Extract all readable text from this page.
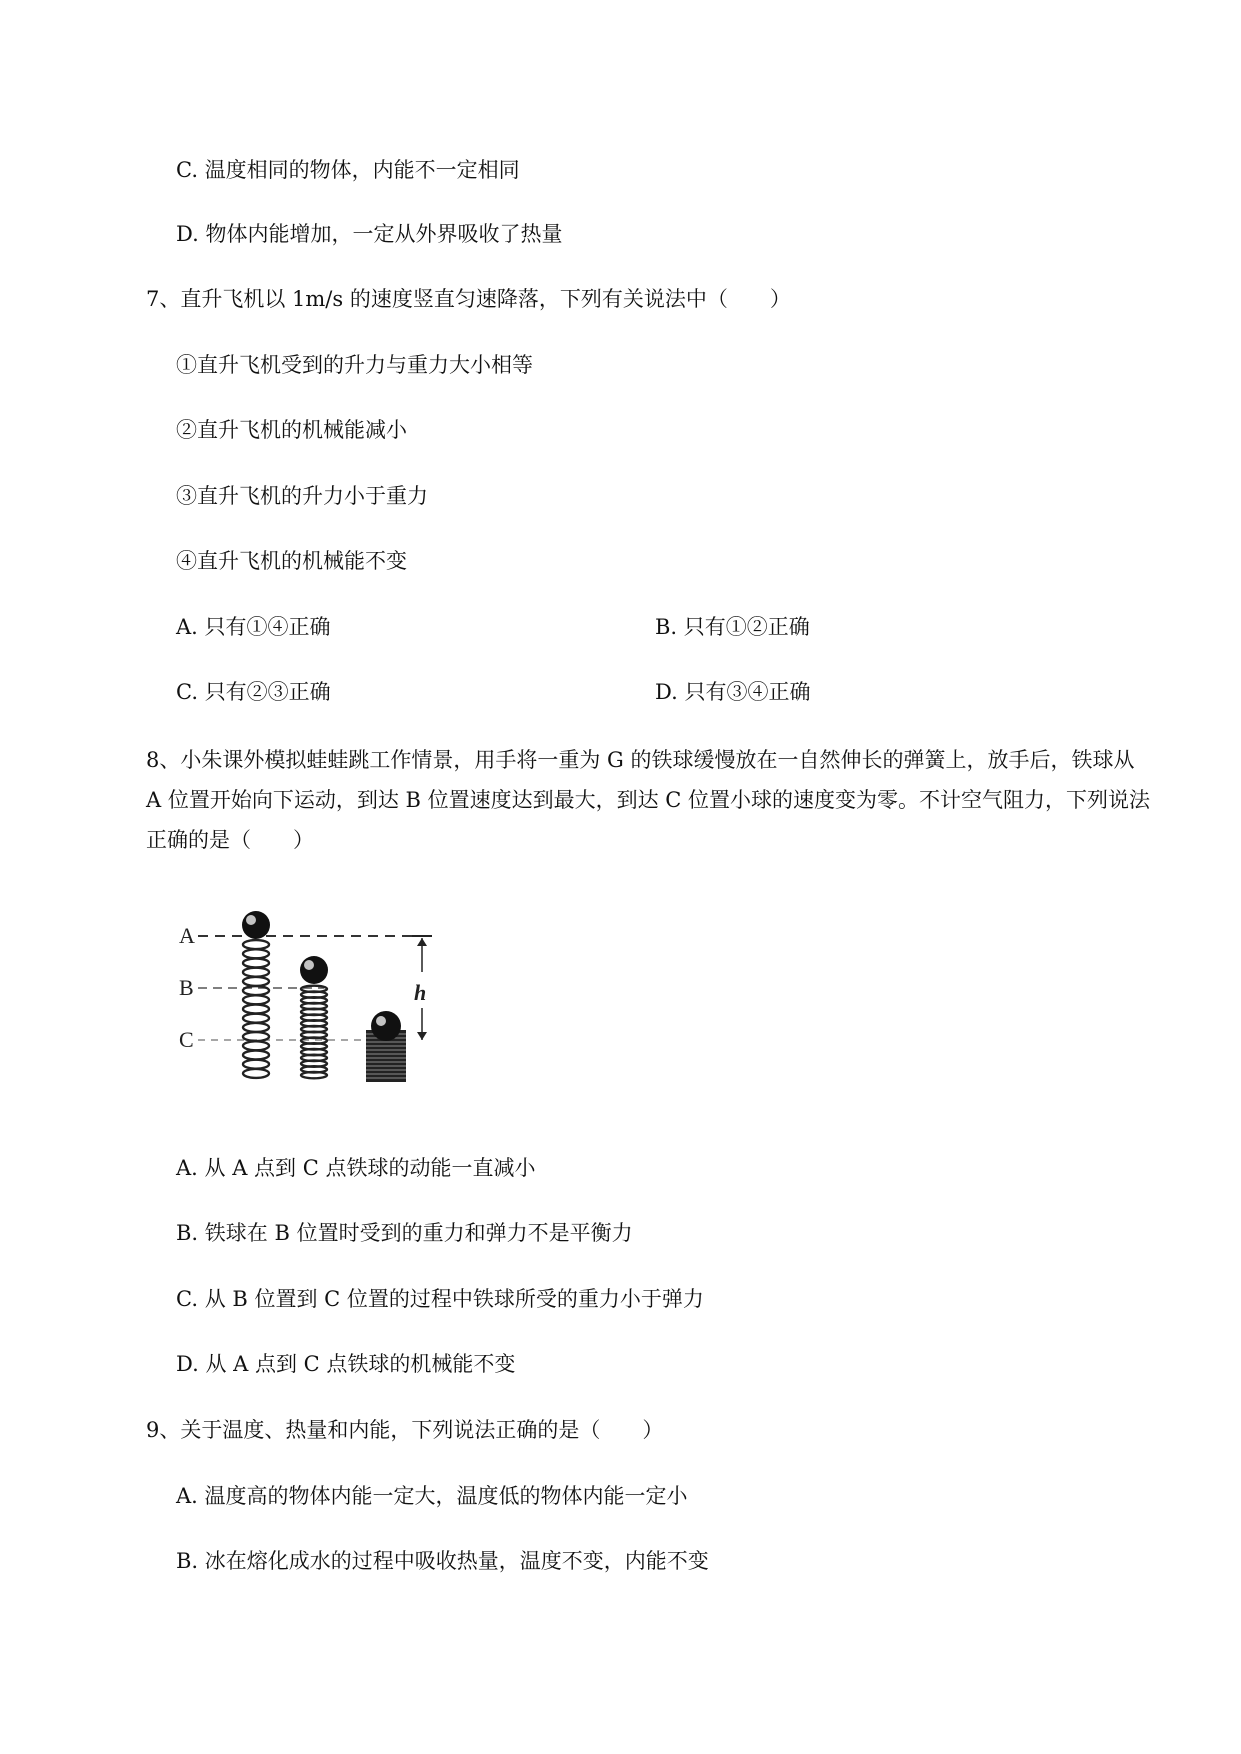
C. 温度相同的物体，内能不一定相同
D. 物体内能增加，一定从外界吸收了热量
7、直升飞机以 1m/s 的速度竖直匀速降落，下列有关说法中（　　）
①直升飞机受到的升力与重力大小相等
②直升飞机的机械能减小
③直升飞机的升力小于重力
④直升飞机的机械能不变
A. 只有①④正确	B. 只有①②正确
C. 只有②③正确	D. 只有③④正确
8、小朱课外模拟蛙蛙跳工作情景，用手将一重为 G 的铁球缓慢放在一自然伸长的弹簧上，放手后，铁球从 A 位置开始向下运动，到达 B 位置速度达到最大，到达 C 位置小球的速度变为零。不计空气阻力，下列说法正确的是（　　）
A
B
C
h
A. 从 A 点到 C 点铁球的动能一直减小
B. 铁球在 B 位置时受到的重力和弹力不是平衡力
C. 从 B 位置到 C 位置的过程中铁球所受的重力小于弹力
D. 从 A 点到 C 点铁球的机械能不变
9、关于温度、热量和内能，下列说法正确的是（　　）
A. 温度高的物体内能一定大，温度低的物体内能一定小
B. 冰在熔化成水的过程中吸收热量，温度不变，内能不变
